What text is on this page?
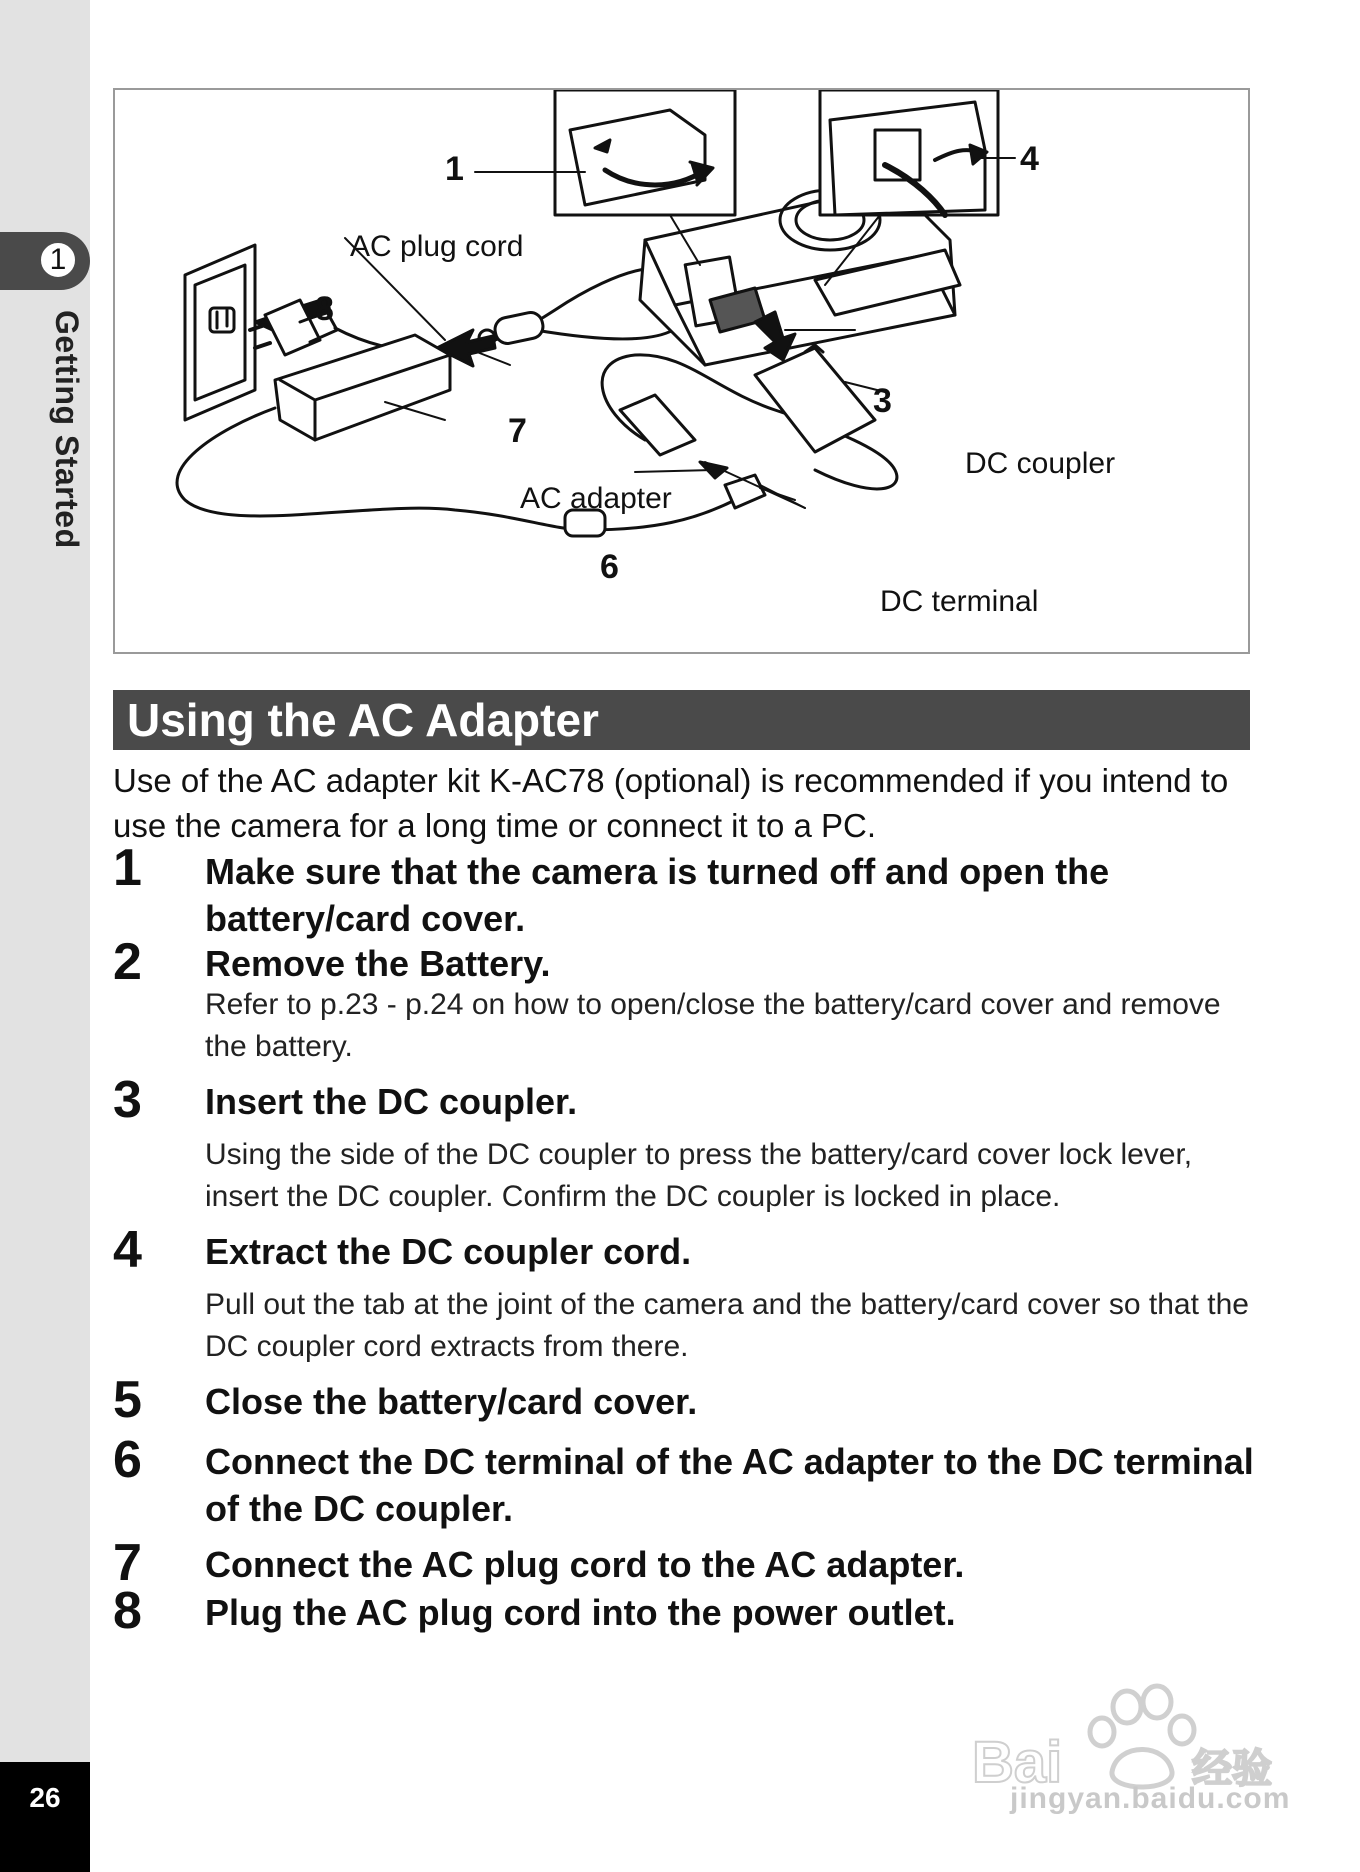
1
Getting Started
26
1	4
8
3
7
6
AC plug cord
AC adapter
DC coupler
DC terminal
Using the AC Adapter

Use of the AC adapter kit K-AC78 (optional) is recommended if you intend to use the camera for a long time or connect it to a PC.

1 Make sure that the camera is turned off and open the battery/card cover.

2 Remove the Battery.

Refer to p.23 - p.24 on how to open/close the battery/card cover and remove the battery.

3 Insert the DC coupler.

Using the side of the DC coupler to press the battery/card cover lock lever, insert the DC coupler. Confirm the DC coupler is locked in place.

4 Extract the DC coupler cord.

Pull out the tab at the joint of the camera and the battery/card cover so that the DC coupler cord extracts from there.

5 Close the battery/card cover.

6 Connect the DC terminal of the AC adapter to the DC terminal of the DC coupler.

7 Connect the AC plug cord to the AC adapter.

8 Plug the AC plug cord into the power outlet.

Bai	经验
jingyan.baidu.com
